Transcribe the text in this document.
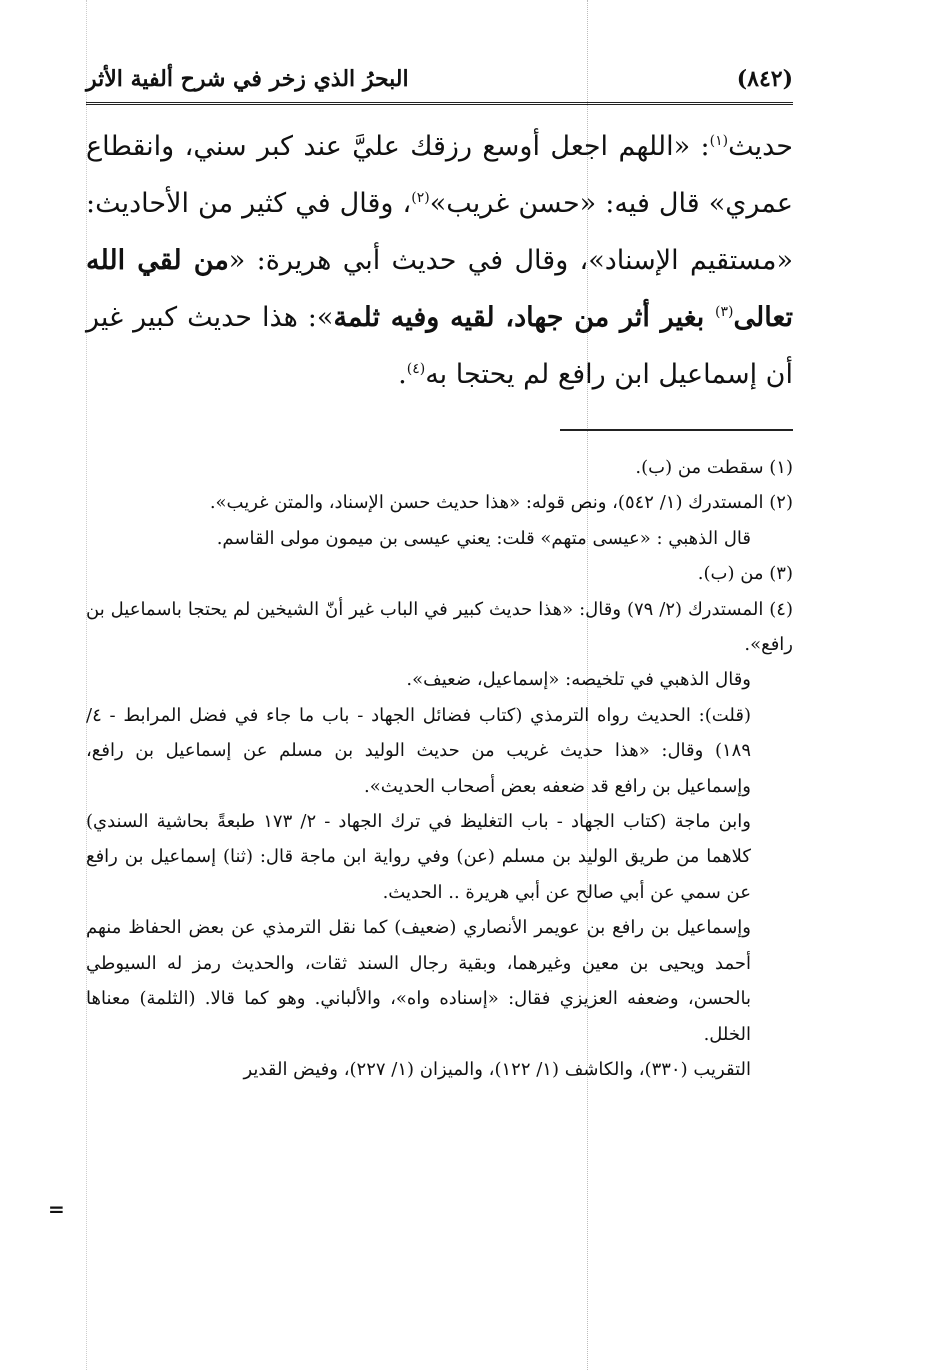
(٨٤٢)
البحرُ الذي زخر في شرح ألفية الأثر

حديث$^{(١)}$: «اللهم اجعل أوسع رزقك عليَّ عند كبر سني، وانقطاع عمري» قال فيه: «حسن غريب»$^{(٢)}$، وقال في كثير من الأحاديث: «مستقيم الإسناد»، وقال في حديث أبي هريرة: «من لقي الله تعالى$^{(٣)}$ بغير أثر من جهاد، لقيه وفيه ثلمة»: هذا حديث كبير غير أن إسماعيل ابن رافع لم يحتجا به$^{(٤)}$.

(١) سقطت من (ب).

(٢) المستدرك (١/ ٥٤٢)، ونص قوله: «هذا حديث حسن الإسناد، والمتن غريب».

قال الذهبي : «عيسى متهم» قلت: يعني عيسى بن ميمون مولى القاسم.

(٣) من (ب).

(٤) المستدرك (٢/ ٧٩) وقال: «هذا حديث كبير في الباب غير أنّ الشيخين لم يحتجا باسماعيل بن رافع».

وقال الذهبي في تلخيصه: «إسماعيل، ضعيف».

(قلت): الحديث رواه الترمذي (كتاب فضائل الجهاد - باب ما جاء في فضل المرابط - ٤/ ١٨٩) وقال: «هذا حديث غريب من حديث الوليد بن مسلم عن إسماعيل بن رافع، وإسماعيل بن رافع قد ضعفه بعض أصحاب الحديث».

وابن ماجة (كتاب الجهاد - باب التغليظ في ترك الجهاد - ٢/ ١٧٣ طبعةً بحاشية السندي) كلاهما من طريق الوليد بن مسلم (عن) وفي رواية ابن ماجة قال: (ثنا) إسماعيل بن رافع عن سمي عن أبي صالح عن أبي هريرة .. الحديث.

وإسماعيل بن رافع بن عويمر الأنصاري (ضعيف) كما نقل الترمذي عن بعض الحفاظ منهم أحمد ويحيى بن معين وغيرهما، وبقية رجال السند ثقات، والحديث رمز له السيوطي بالحسن، وضعفه العزيزي فقال: «إسناده واه»، والألباني. وهو كما قالا. (الثلمة) معناها الخلل.

التقريب (٣٣٠)، والكاشف (١/ ١٢٢)، والميزان (١/ ٢٢٧)، وفيض القدير

=
